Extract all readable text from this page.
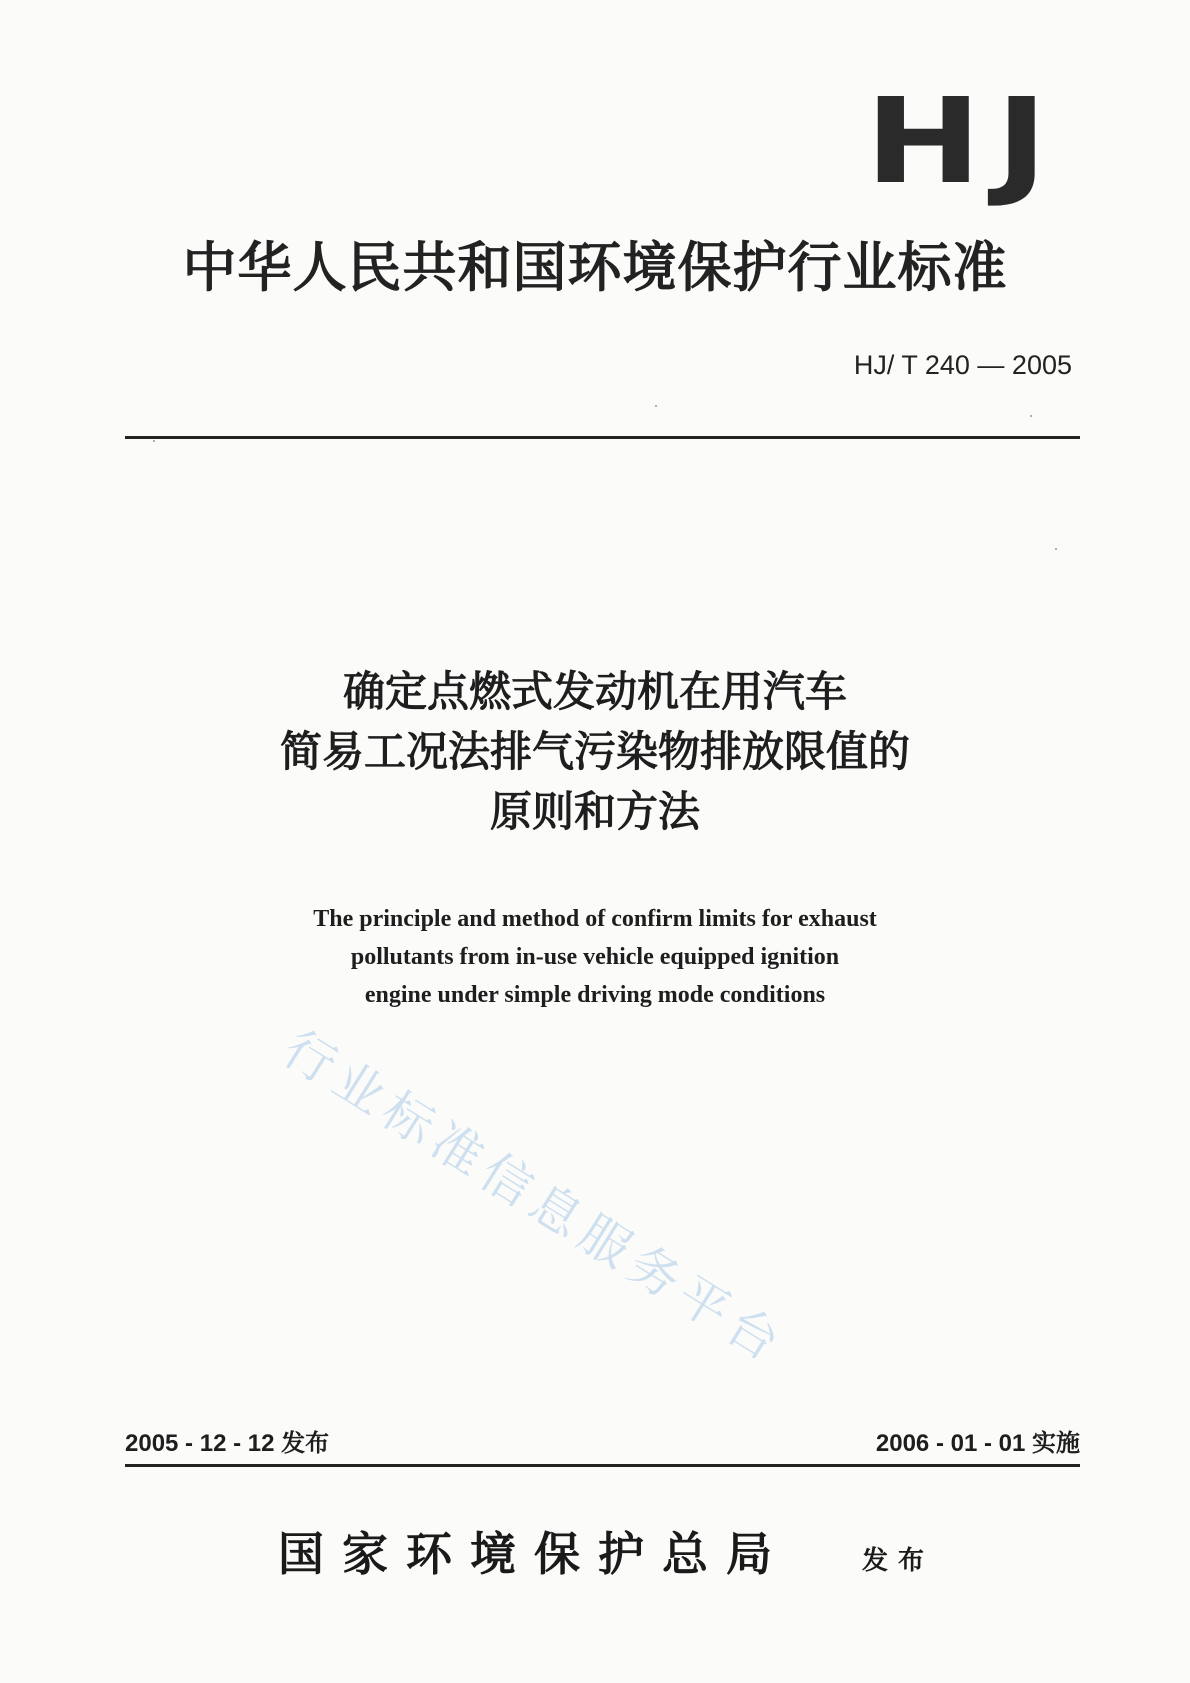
HJ
中华人民共和国环境保护行业标准
HJ/ T 240 — 2005
确定点燃式发动机在用汽车
简易工况法排气污染物排放限值的
原则和方法
The principle and method of confirm limits for exhaust
pollutants from in-use vehicle equipped ignition
engine under simple driving mode conditions
行业标准信息服务平台
2005 - 12 - 12 发布	2006 - 01 - 01 实施
国家环境保护总局	发布
